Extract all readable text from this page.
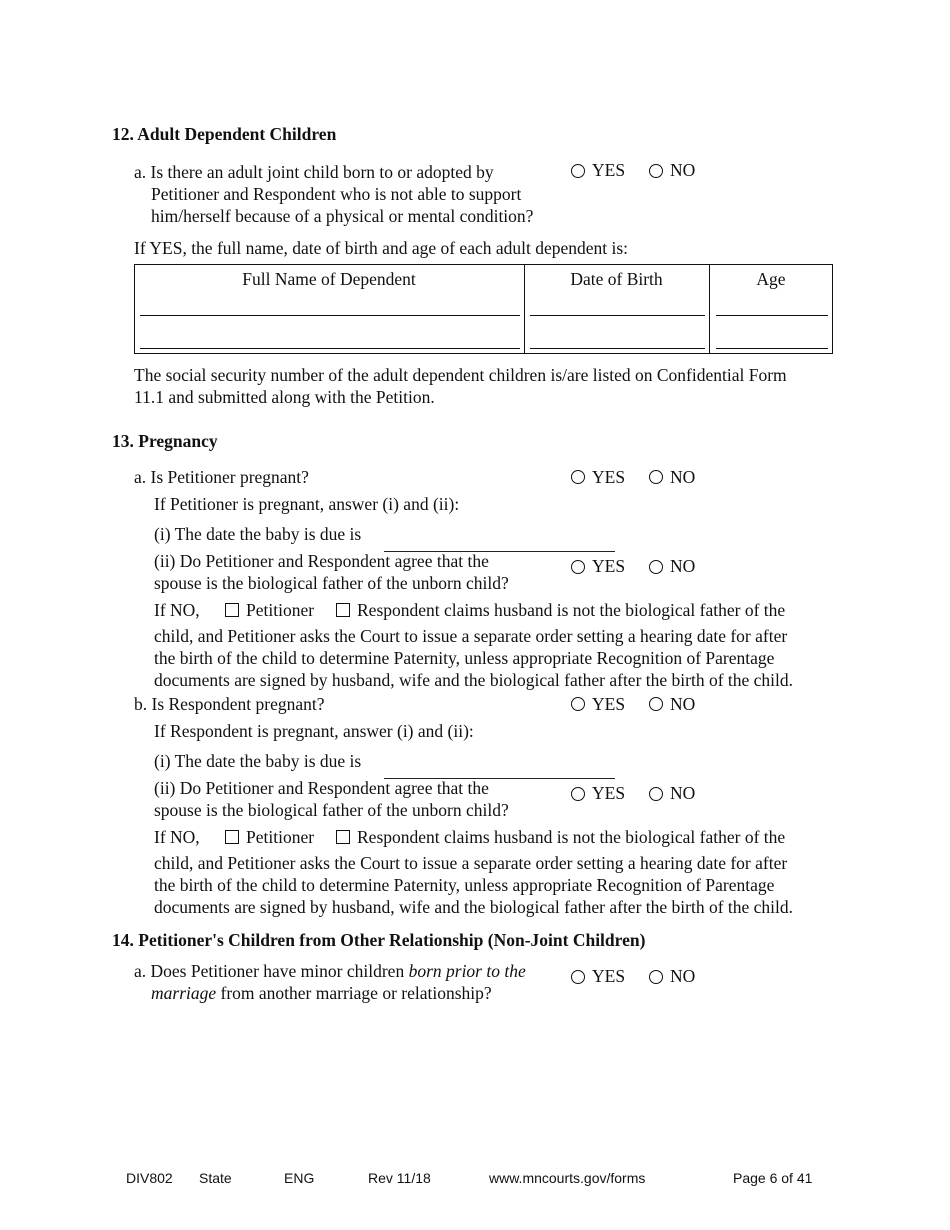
12. Adult Dependent Children
a. Is there an adult joint child born to or adopted by
Petitioner and Respondent who is not able to support
him/herself because of a physical or mental condition?
YES	NO
If YES, the full name, date of birth and age of each adult dependent is:
Full Name of Dependent	Date of Birth	Age
The social security number of the adult dependent children is/are listed on Confidential Form
11.1 and submitted along with the Petition.
13. Pregnancy
a. Is Petitioner pregnant?	YES	NO
If Petitioner is pregnant, answer (i) and (ii):
(i) The date the baby is due is
(ii) Do Petitioner and Respondent agree that the
spouse is the biological father of the unborn child?
YES	NO
If NO,	Petitioner Respondent claims husband is not the biological father of the
child, and Petitioner asks the Court to issue a separate order setting a hearing date for after
the birth of the child to determine Paternity, unless appropriate Recognition of Parentage
documents are signed by husband, wife and the biological father after the birth of the child.
b. Is Respondent pregnant?	YES	NO
If Respondent is pregnant, answer (i) and (ii):
(i) The date the baby is due is
(ii) Do Petitioner and Respondent agree that the
spouse is the biological father of the unborn child?
YES	NO
If NO,	Petitioner Respondent claims husband is not the biological father of the
child, and Petitioner asks the Court to issue a separate order setting a hearing date for after
the birth of the child to determine Paternity, unless appropriate Recognition of Parentage
documents are signed by husband, wife and the biological father after the birth of the child.
14. Petitioner's Children from Other Relationship (Non-Joint Children)
a. Does Petitioner have minor children born prior to the
marriage from another marriage or relationship?
YES	NO
DIV802 State	ENG	Rev 11/18	www.mncourts.gov/forms	Page 6 of 41
